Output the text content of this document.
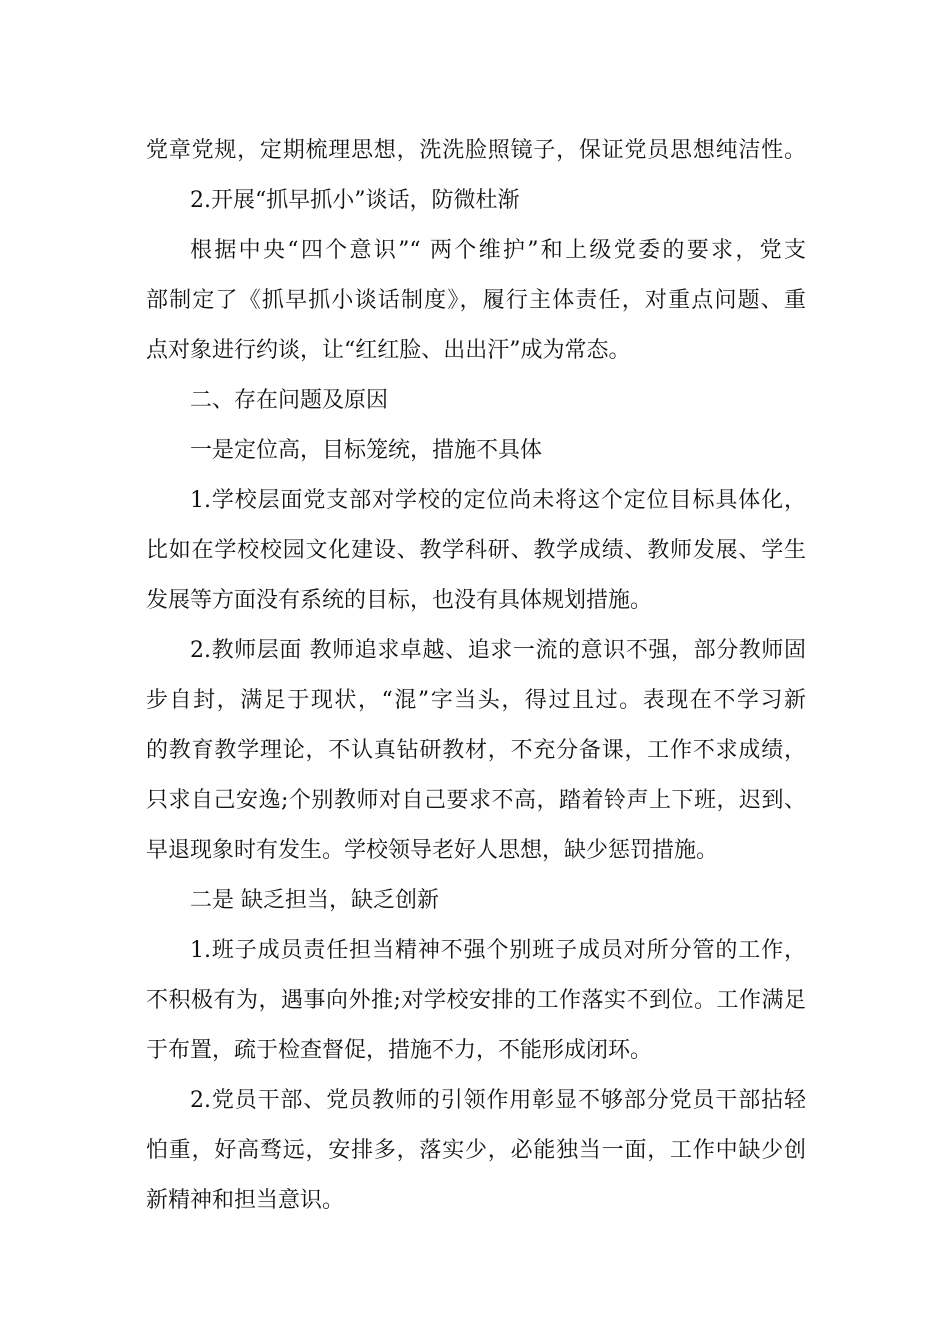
党章党规，定期梳理思想，洗洗脸照镜子，保证党员思想纯洁性。
2.开展“抓早抓小”谈话，防微杜渐
根据中央“四个意识”“ 两个维护”和上级党委的要求，党支
部制定了《抓早抓小谈话制度》，履行主体责任，对重点问题、重
点对象进行约谈，让“红红脸、出出汗”成为常态。
二、存在问题及原因
一是定位高，目标笼统，措施不具体
1.学校层面党支部对学校的定位尚未将这个定位目标具体化，
比如在学校校园文化建设、教学科研、教学成绩、教师发展、学生
发展等方面没有系统的目标，也没有具体规划措施。
2.教师层面 教师追求卓越、追求一流的意识不强，部分教师固
步自封，满足于现状，“混”字当头，得过且过。表现在不学习新
的教育教学理论，不认真钻研教材，不充分备课，工作不求成绩，
只求自己安逸;个别教师对自己要求不高，踏着铃声上下班，迟到、
早退现象时有发生。学校领导老好人思想，缺少惩罚措施。
二是 缺乏担当，缺乏创新
1.班子成员责任担当精神不强个别班子成员对所分管的工作，
不积极有为，遇事向外推;对学校安排的工作落实不到位。工作满足
于布置，疏于检查督促，措施不力，不能形成闭环。
2.党员干部、党员教师的引领作用彰显不够部分党员干部拈轻
怕重，好高骛远，安排多，落实少，必能独当一面，工作中缺少创
新精神和担当意识。
